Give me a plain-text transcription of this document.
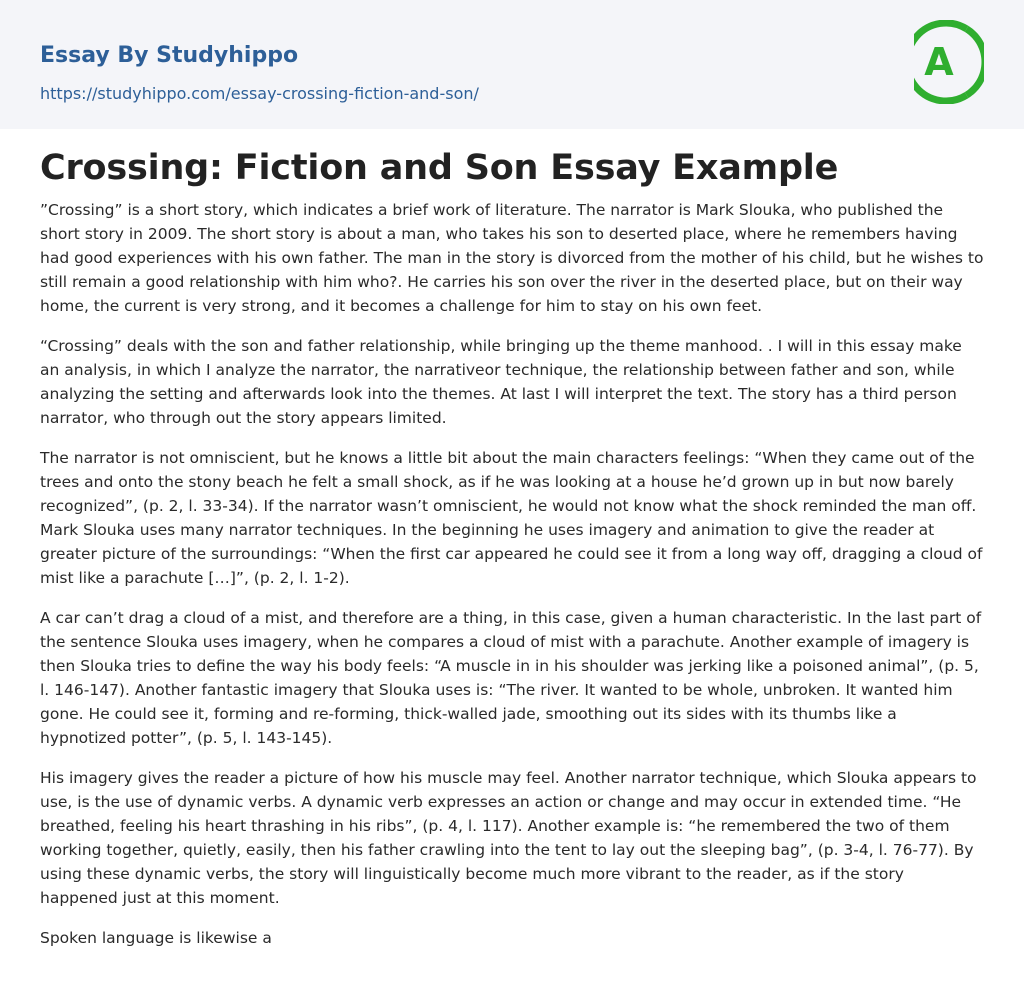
Essay By Studyhippo
https://studyhippo.com/essay-crossing-fiction-and-son/
A
Crossing: Fiction and Son Essay Example

”Crossing” is a short story, which indicates a brief work of literature. The narrator is Mark Slouka, who published the short story in 2009. The short story is about a man, who takes his son to deserted place, where he remembers having had good experiences with his own father. The man in the story is divorced from the mother of his child, but he wishes to still remain a good relationship with him who?. He carries his son over the river in the deserted place, but on their way home, the current is very strong, and it becomes a challenge for him to stay on his own feet.

“Crossing” deals with the son and father relationship, while bringing up the theme manhood. . I will in this essay make an analysis, in which I analyze the narrator, the narrativeor technique, the relationship between father and son, while analyzing the setting and afterwards look into the themes. At last I will interpret the text. The story has a third person narrator, who through out the story appears limited.

The narrator is not omniscient, but he knows a little bit about the main characters feelings: “When they came out of the trees and onto the stony beach he felt a small shock, as if he was looking at a house he’d grown up in but now barely recognized”, (p. 2, l. 33-34). If the narrator wasn’t omniscient, he would not know what the shock reminded the man off. Mark Slouka uses many narrator techniques. In the beginning he uses imagery and animation to give the reader at greater picture of the surroundings: “When the first car appeared he could see it from a long way off, dragging a cloud of mist like a parachute […]”, (p. 2, l. 1-2).

A car can’t drag a cloud of a mist, and therefore are a thing, in this case, given a human characteristic. In the last part of the sentence Slouka uses imagery, when he compares a cloud of mist with a parachute. Another example of imagery is then Slouka tries to define the way his body feels: “A muscle in in his shoulder was jerking like a poisoned animal”, (p. 5, l. 146-147). Another fantastic imagery that Slouka uses is: “The river. It wanted to be whole, unbroken. It wanted him gone. He could see it, forming and re-forming, thick-walled jade, smoothing out its sides with its thumbs like a hypnotized potter”, (p. 5, l. 143-145).

His imagery gives the reader a picture of how his muscle may feel. Another narrator technique, which Slouka appears to use, is the use of dynamic verbs. A dynamic verb expresses an action or change and may occur in extended time. “He breathed, feeling his heart thrashing in his ribs”, (p. 4, l. 117). Another example is: “he remembered the two of them working together, quietly, easily, then his father crawling into the tent to lay out the sleeping bag”, (p. 3-4, l. 76-77). By using these dynamic verbs, the story will linguistically become much more vibrant to the reader, as if the story happened just at this moment.

Spoken language is likewise a
